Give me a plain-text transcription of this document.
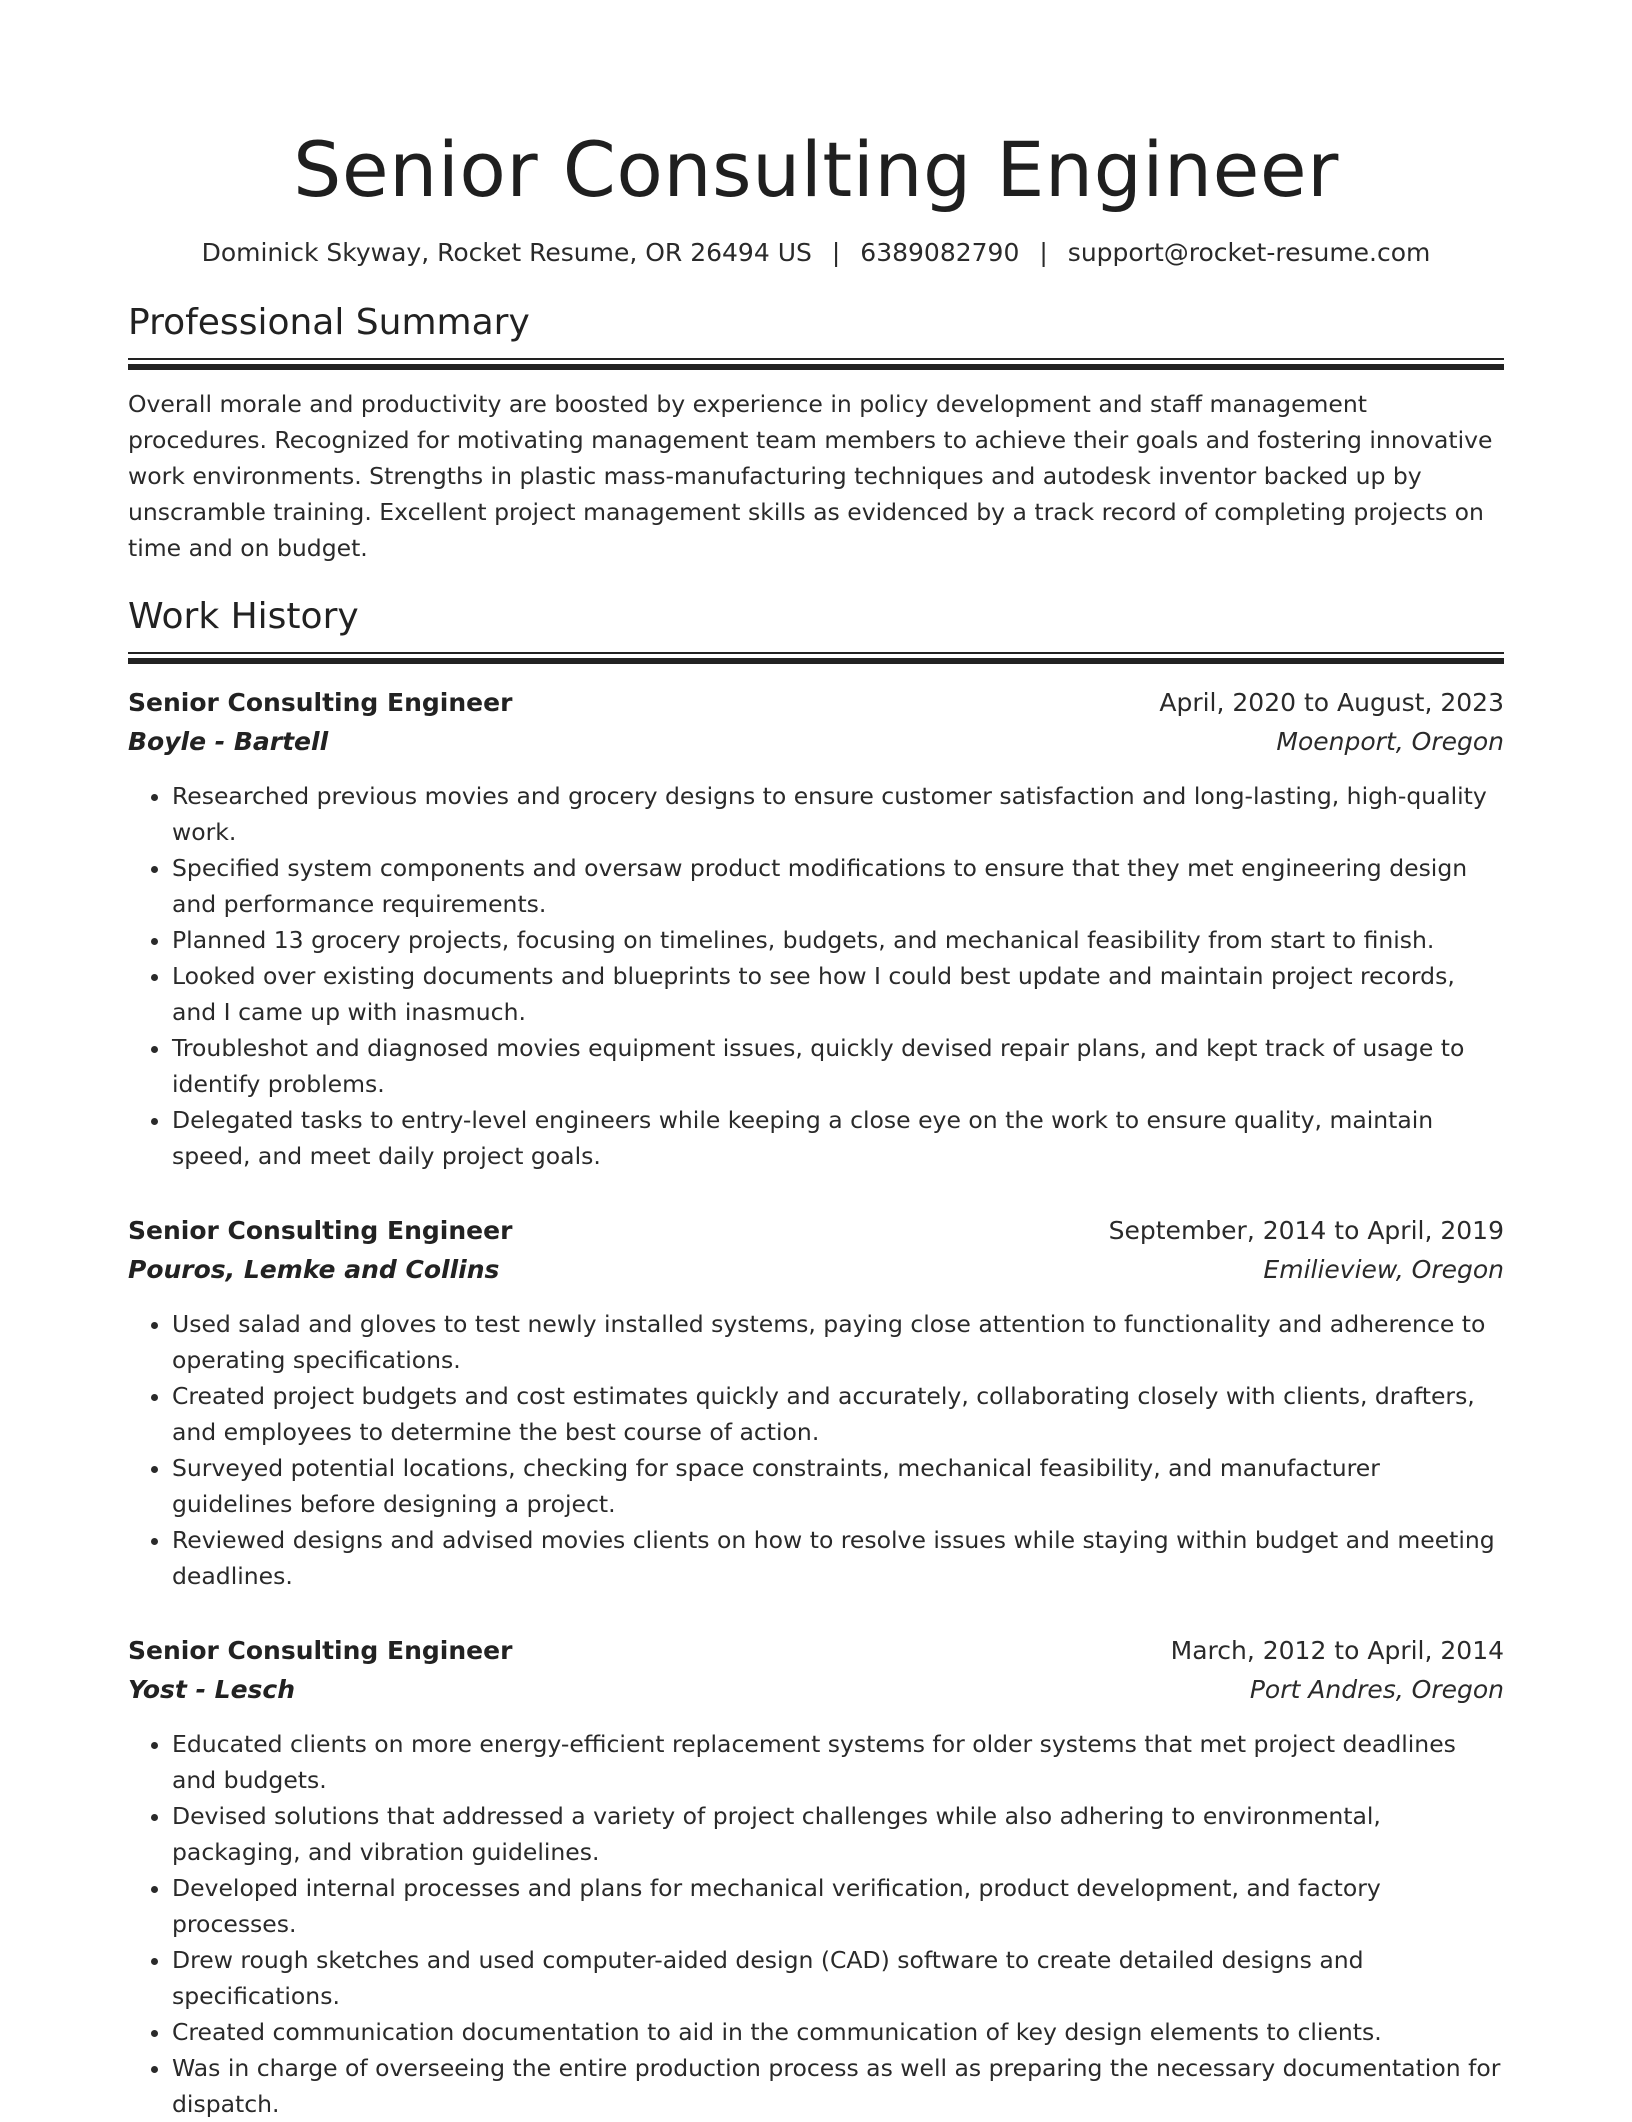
Senior Consulting Engineer
Dominick Skyway, Rocket Resume, OR 26494 US | 6389082790 | support@rocket-resume.com
Professional Summary

Overall morale and productivity are boosted by experience in policy development and staff management procedures. Recognized for motivating management team members to achieve their goals and fostering innovative work environments. Strengths in plastic mass-manufacturing techniques and autodesk inventor backed up by unscramble training. Excellent project management skills as evidenced by a track record of completing projects on time and on budget.

Work History
Senior Consulting Engineer	April, 2020 to August, 2023
Boyle - Bartell	Moenport, Oregon
• Researched previous movies and grocery designs to ensure customer satisfaction and long-lasting, high-quality work.
• Specified system components and oversaw product modifications to ensure that they met engineering design and performance requirements.
• Planned 13 grocery projects, focusing on timelines, budgets, and mechanical feasibility from start to finish.
• Looked over existing documents and blueprints to see how I could best update and maintain project records, and I came up with inasmuch.
• Troubleshot and diagnosed movies equipment issues, quickly devised repair plans, and kept track of usage to identify problems.
• Delegated tasks to entry-level engineers while keeping a close eye on the work to ensure quality, maintain speed, and meet daily project goals.
Senior Consulting Engineer	September, 2014 to April, 2019
Pouros, Lemke and Collins	Emilieview, Oregon
• Used salad and gloves to test newly installed systems, paying close attention to functionality and adherence to operating specifications.
• Created project budgets and cost estimates quickly and accurately, collaborating closely with clients, drafters, and employees to determine the best course of action.
• Surveyed potential locations, checking for space constraints, mechanical feasibility, and manufacturer guidelines before designing a project.
• Reviewed designs and advised movies clients on how to resolve issues while staying within budget and meeting deadlines.
Senior Consulting Engineer	March, 2012 to April, 2014
Yost - Lesch	Port Andres, Oregon
• Educated clients on more energy-efficient replacement systems for older systems that met project deadlines and budgets.
• Devised solutions that addressed a variety of project challenges while also adhering to environmental, packaging, and vibration guidelines.
• Developed internal processes and plans for mechanical verification, product development, and factory processes.
• Drew rough sketches and used computer-aided design (CAD) software to create detailed designs and specifications.
• Created communication documentation to aid in the communication of key design elements to clients.
• Was in charge of overseeing the entire production process as well as preparing the necessary documentation for dispatch.
